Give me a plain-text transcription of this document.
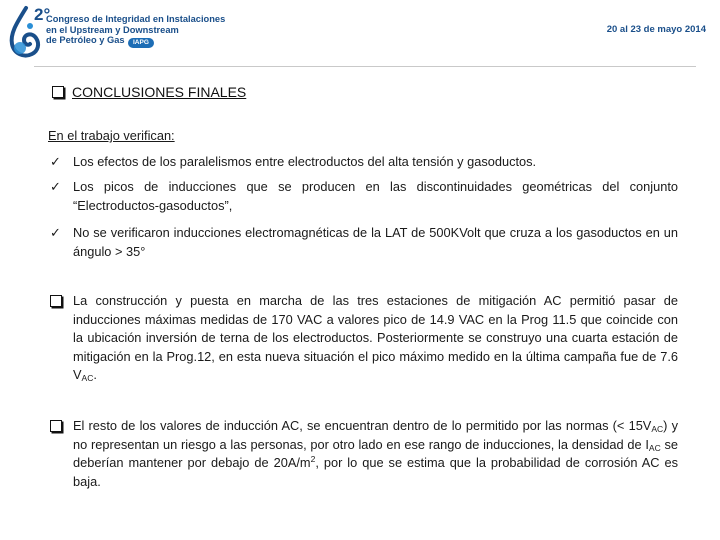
2°
Congreso de Integridad en Instalaciones
en el Upstream y Downstream
de Petróleo y Gas	IAPG
20 al 23 de mayo 2014
CONCLUSIONES FINALES
En el trabajo verifican:
✓ Los efectos de los paralelismos entre electroductos del alta tensión y gasoductos.
✓ Los picos de inducciones que se producen en las discontinuidades geométricas del conjunto “Electroductos-gasoductos”,
✓ No se verificaron inducciones electromagnéticas de la LAT de 500KVolt que cruza a los gasoductos en un ángulo > 35°
La construcción y puesta en marcha de las tres estaciones de mitigación AC permitió pasar de inducciones máximas medidas de 170 VAC a valores pico de 14.9 VAC en la Prog 11.5 que coincide con la ubicación inversión de terna de los electroductos. Posteriormente se construyo una cuarta estación de mitigación en la Prog.12, en esta nueva situación el pico máximo medido en la última campaña fue de 7.6 $V_{AC}$.
El resto de los valores de inducción AC, se encuentran dentro de lo permitido por las normas (< $15V_{AC}$) y no representan un riesgo a las personas, por otro lado en ese rango de inducciones, la densidad de $I_{AC}$ se deberían mantener por debajo de $20A/m^2$, por lo que se estima que la probabilidad de corrosión AC es baja.
